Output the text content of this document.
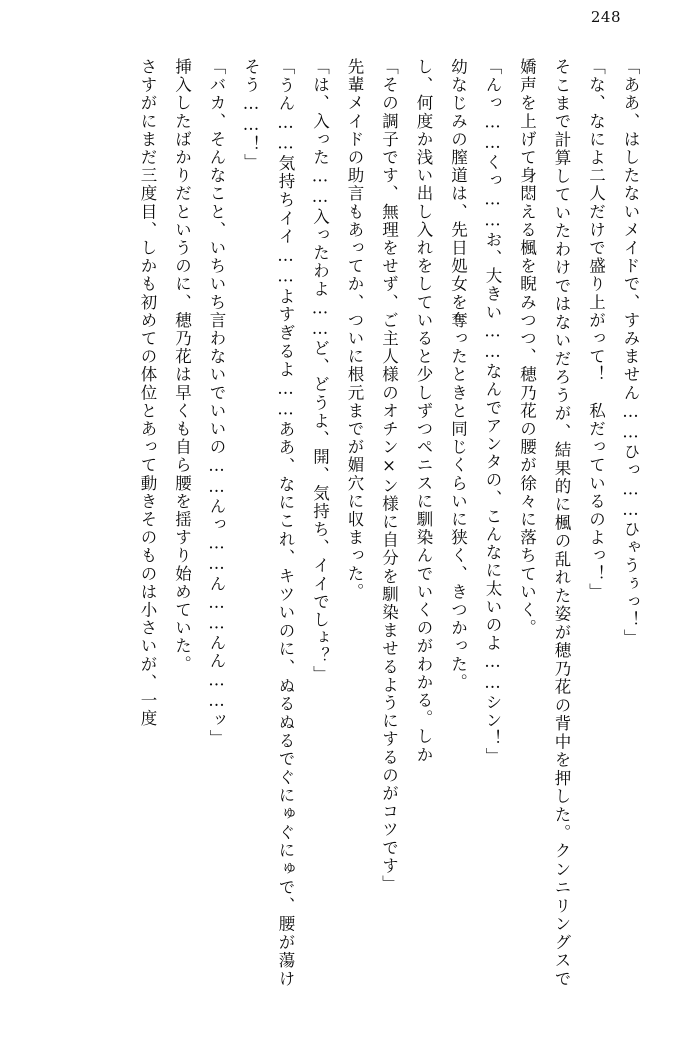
248

「ああ、はしたないメイドで、すみません……ひっ……ひゃうぅっ！」

「な、なによ二人だけで盛り上がって！　私だっているのよっ！」

そこまで計算していたわけではないだろうが、結果的に楓の乱れた姿が穂乃花の背中を押した。クンニリングスで嬌声を上げて身悶える楓を睨みつつ、穂乃花の腰が徐々に落ちていく。

「んっ……くっ……お、大きい……なんでアンタの、こんなに太いのよ……シン！」

幼なじみの膣道は、先日処女を奪ったときと同じくらいに狭く、きつかった。

し、何度か浅い出し入れをしていると少しずつペニスに馴染んでいくのがわかる。しか

「その調子です、無理をせず、ご主人様のオチン×ン様に自分を馴染ませるようにするのがコツです」

先輩メイドの助言もあってか、ついに根元までが媚穴に収まった。

「は、入った……入ったわよ……ど、どうよ、開、気持ち、イイでしょ？」

「うん……気持ちイイ……よすぎるよ……ああ、なにこれ、キツいのに、ぬるぬるでぐにゅぐにゅで、腰が蕩けそう……！」

「バカ、そんなこと、いちいち言わないでいいの……んっ……ん……んん……ッ」

挿入したばかりだというのに、穂乃花は早くも自ら腰を揺すり始めていた。

さすがにまだ三度目、しかも初めての体位とあって動きそのものは小さいが、一度
